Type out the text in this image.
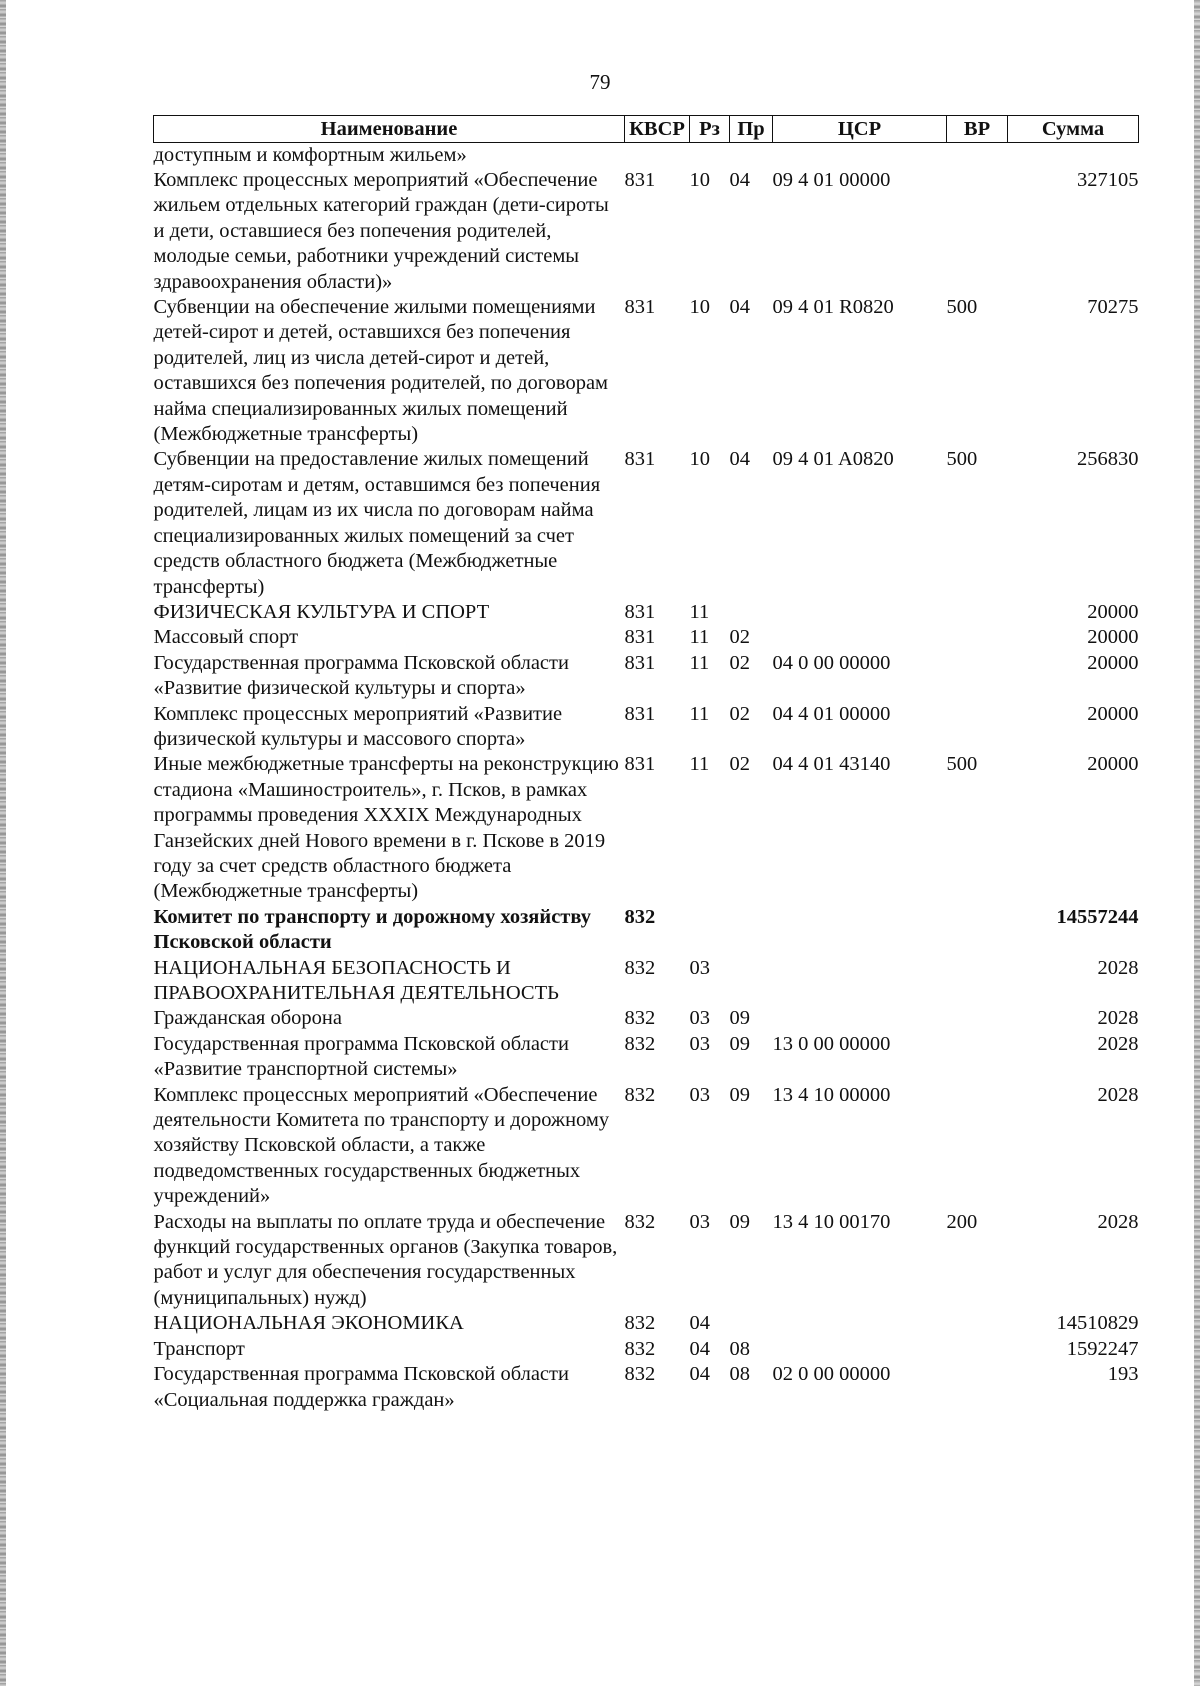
79
Наименование	КВСР	Рз	Пр	ЦСР	ВР	Сумма
доступным и комфортным жильем»						
Комплекс процессных мероприятий «Обеспечение жильем отдельных категорий граждан (дети-сироты и дети, оставшиеся без попечения родителей, молодые семьи, работники учреждений системы здравоохранения области)»	831	10	04	09 4 01 00000		327105
Субвенции на обеспечение жилыми помещениями детей-сирот и детей, оставшихся без попечения родителей, лиц из числа детей-сирот и детей, оставшихся без попечения родителей, по договорам найма специализированных жилых помещений (Межбюджетные трансферты)	831	10	04	09 4 01 R0820	500	70275
Субвенции на предоставление жилых помещений детям-сиротам и детям, оставшимся без попечения родителей, лицам из их числа по договорам найма специализированных жилых помещений за счет средств областного бюджета (Межбюджетные трансферты)	831	10	04	09 4 01 A0820	500	256830
ФИЗИЧЕСКАЯ КУЛЬТУРА И СПОРТ	831	11				20000
Массовый спорт	831	11	02			20000
Государственная программа Псковской области «Развитие физической культуры и спорта»	831	11	02	04 0 00 00000		20000
Комплекс процессных мероприятий «Развитие физической культуры и массового спорта»	831	11	02	04 4 01 00000		20000
Иные межбюджетные трансферты на реконструкцию стадиона «Машиностроитель», г. Псков, в рамках программы проведения XXXIX Международных Ганзейских дней Нового времени в г. Пскове в 2019 году за счет средств областного бюджета (Межбюджетные трансферты)	831	11	02	04 4 01 43140	500	20000
Комитет по транспорту и дорожному хозяйству Псковской области	832					14557244
НАЦИОНАЛЬНАЯ БЕЗОПАСНОСТЬ И ПРАВООХРАНИТЕЛЬНАЯ ДЕЯТЕЛЬНОСТЬ	832	03				2028
Гражданская оборона	832	03	09			2028
Государственная программа Псковской области «Развитие транспортной системы»	832	03	09	13 0 00 00000		2028
Комплекс процессных мероприятий «Обеспечение деятельности Комитета по транспорту и дорожному хозяйству Псковской области, а также подведомственных государственных бюджетных учреждений»	832	03	09	13 4 10 00000		2028
Расходы на выплаты по оплате труда и обеспечение функций государственных органов (Закупка товаров, работ и услуг для обеспечения государственных (муниципальных) нужд)	832	03	09	13 4 10 00170	200	2028
НАЦИОНАЛЬНАЯ ЭКОНОМИКА	832	04				14510829
Транспорт	832	04	08			1592247
Государственная программа Псковской области «Социальная поддержка граждан»	832	04	08	02 0 00 00000		193
